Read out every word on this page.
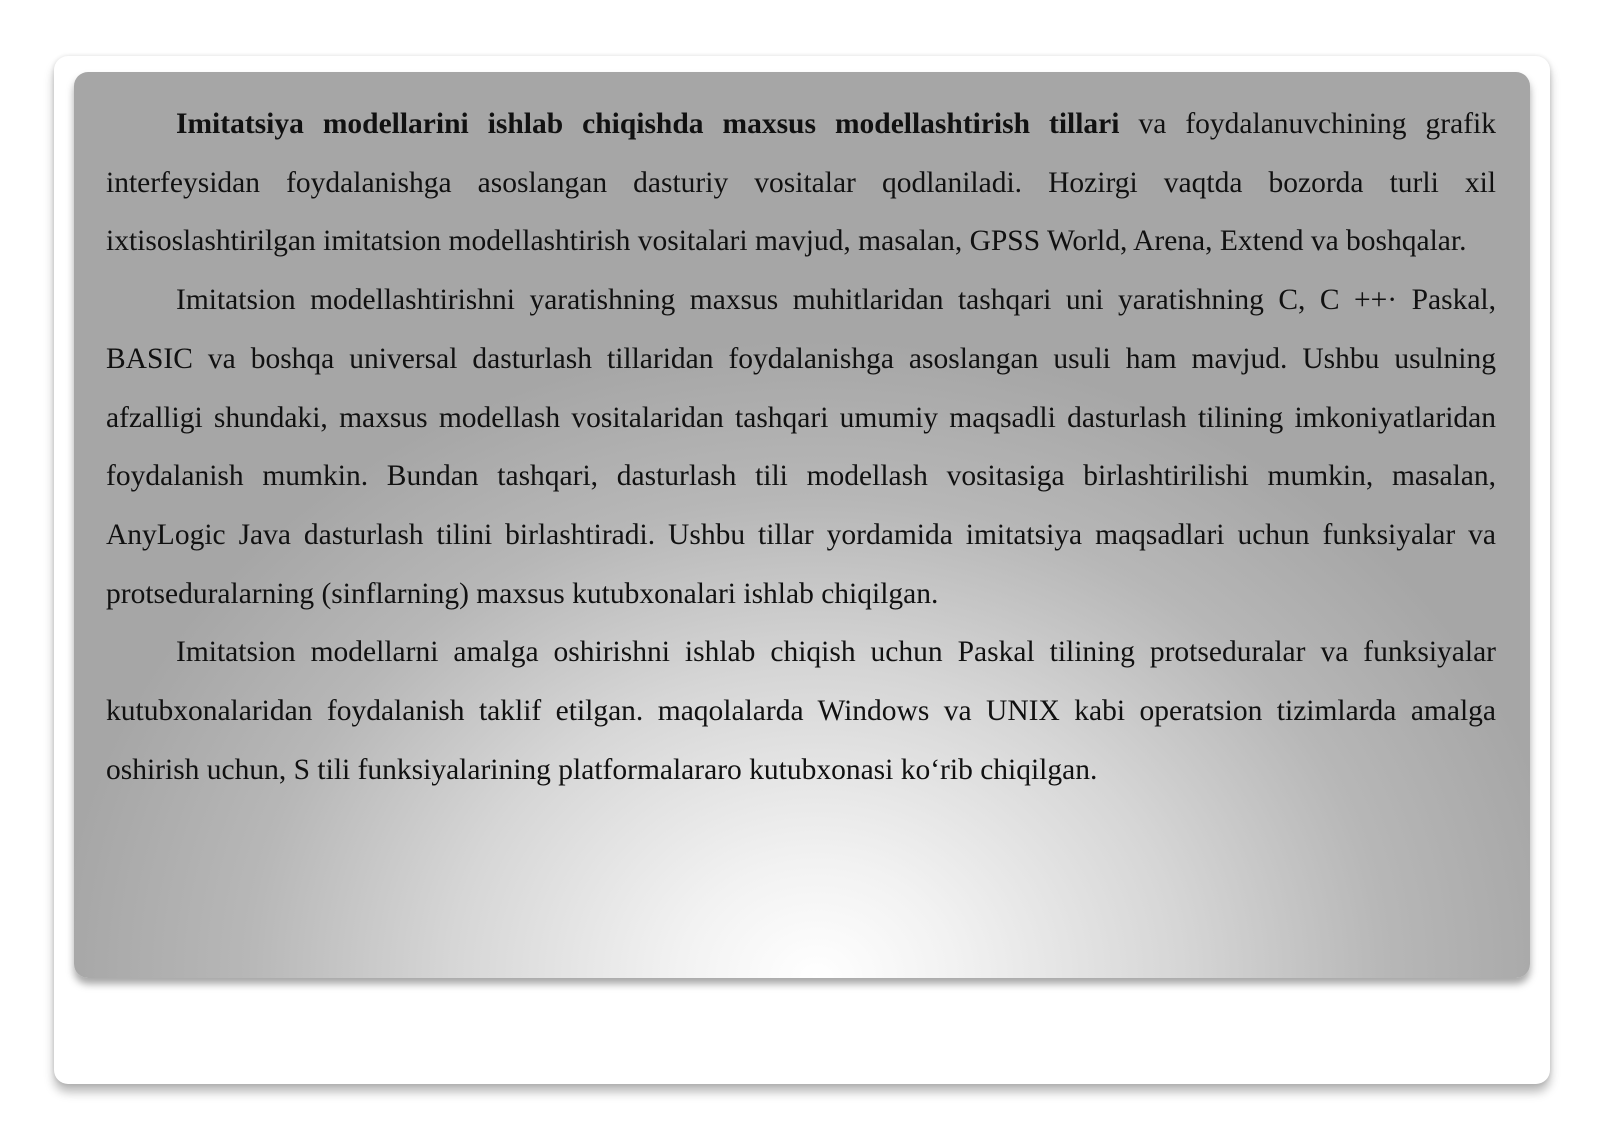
Imitatsiya modellarini ishlab chiqishda maxsus modellashtirish tillari va foydalanuvchining grafik interfeysidan foydalanishga asoslangan dasturiy vositalar qodlaniladi. Hozirgi vaqtda bozorda turli xil ixtisoslashtirilgan imitatsion modellashtirish vositalari mavjud, masalan, GPSS World, Arena, Extend va boshqalar.

Imitatsion modellashtirishni yaratishning maxsus muhitlaridan tashqari uni yaratishning C, C ++· Paskal, BASIC va boshqa universal dasturlash tillaridan foydalanishga asoslangan usuli ham mavjud. Ushbu usulning afzalligi shundaki, maxsus modellash vositalaridan tashqari umumiy maqsadli dasturlash tilining imkoniyatlaridan foydalanish mumkin. Bundan tashqari, dasturlash tili modellash vositasiga birlashtirilishi mumkin, masalan, AnyLogic Java dasturlash tilini birlashtiradi. Ushbu tillar yordamida imitatsiya maqsadlari uchun funksiyalar va protseduralarning (sinflarning) maxsus kutubxonalari ishlab chiqilgan.

Imitatsion modellarni amalga oshirishni ishlab chiqish uchun Paskal tilining protseduralar va funksiyalar kutubxonalaridan foydalanish taklif etilgan. maqolalarda Windows va UNIX kabi operatsion tizimlarda amalga oshirish uchun, S tili funksiyalarining platformalararo kutubxonasi koʻrib chiqilgan.
